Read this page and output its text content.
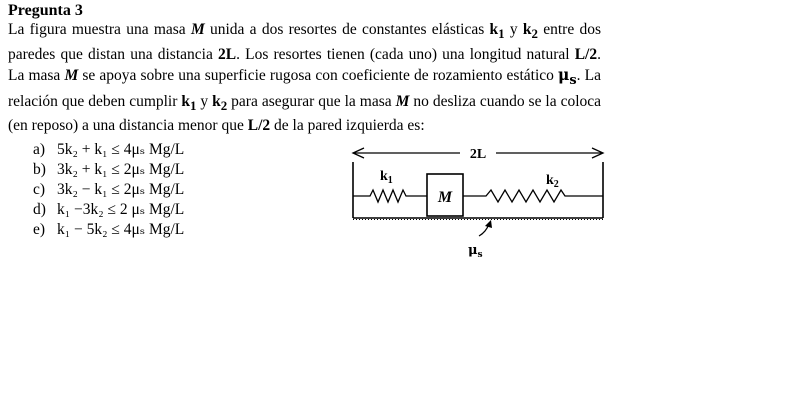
Pregunta 3
La figura muestra una masa M unida a dos resortes de constantes elásticas $k_1$ y $k_2$ entre dos paredes que distan una distancia 2L. Los resortes tienen (cada uno) una longitud natural L/2. La masa M se apoya sobre una superficie rugosa con coeficiente de rozamiento estático $\mu_s$. La relación que deben cumplir $k_1$ y $k_2$ para asegurar que la masa M no desliza cuando se la coloca (en reposo) a una distancia menor que L/2 de la pared izquierda es:
a) 5k₂ + k₁ ≤ 4μₛ Mg/L
b) 3k₂ + k₁ ≤ 2μₛ Mg/L
c) 3k₂ − k₁ ≤ 2μₛ Mg/L
d) k₁ −3k₂ ≤ 2 μₛ Mg/L
e) k₁ − 5k₂ ≤ 4μₛ Mg/L
2L
$k_1$
M
$k_2$
$\mu_s$
